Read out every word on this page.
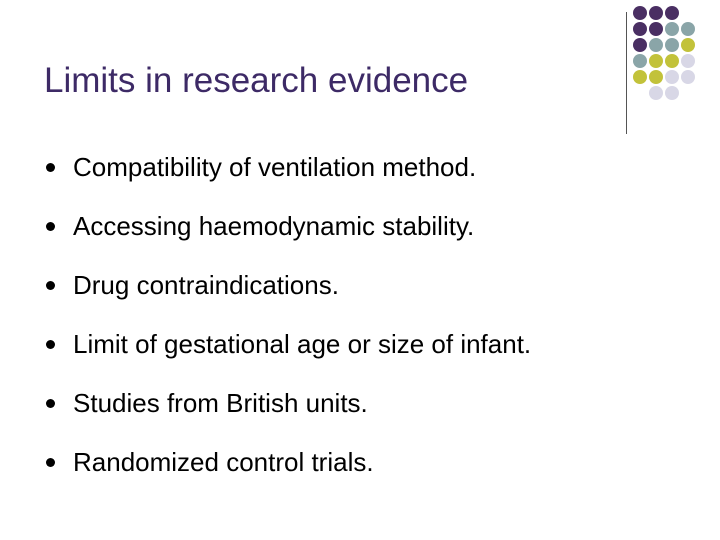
Limits in research evidence
Compatibility of ventilation method.
Accessing haemodynamic stability.
Drug contraindications.
Limit of gestational age or size of infant.
Studies from British units.
Randomized control trials.
